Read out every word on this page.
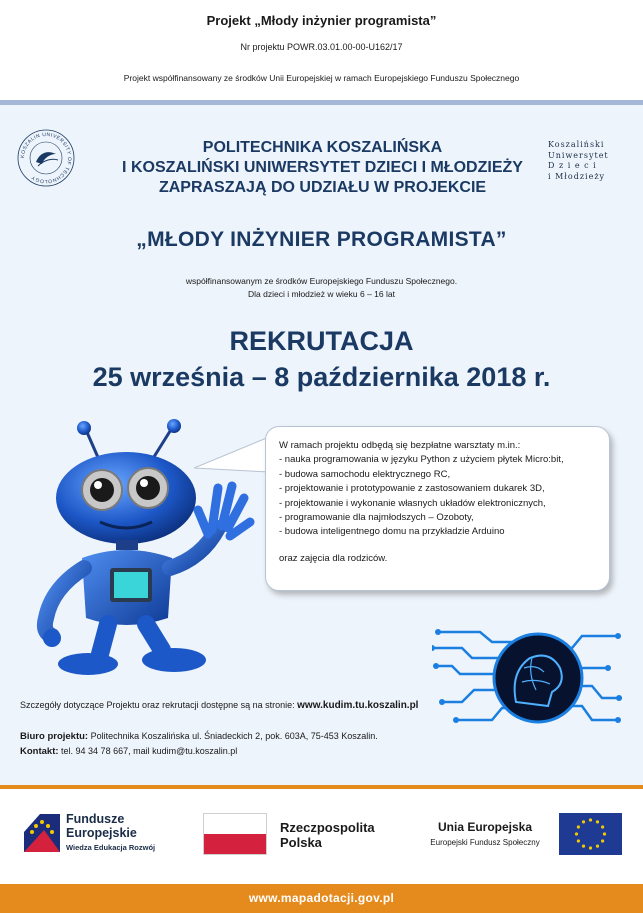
Projekt „Młody inżynier programista”
Nr projektu POWR.03.01.00-00-U162/17
Projekt współfinansowany ze środków Unii Europejskiej w ramach Europejskiego Funduszu Społecznego
KOSZALIN UNIVERSITY OF TECHNOLOGY
Koszaliński
Uniwersytet
D z i e c i
i Młodzieży
POLITECHNIKA KOSZALIŃSKA
I KOSZALIŃSKI UNIWERSYTET DZIECI I MŁODZIEŻY
ZAPRASZAJĄ DO UDZIAŁU W PROJEKCIE
„MŁODY INŻYNIER PROGRAMISTA”
współfinansowanym ze środków Europejskiego Funduszu Społecznego.
Dla dzieci i młodzież w wieku 6 – 16 lat
REKRUTACJA
25 września – 8 października 2018 r.
W ramach projektu odbędą się bezpłatne warsztaty m.in.:
- nauka programowania w języku Python z użyciem płytek Micro:bit,
- budowa samochodu elektrycznego RC,
- projektowanie i prototypowanie z zastosowaniem dukarek 3D,
- projektowanie i wykonanie własnych układów elektronicznych,
- programowanie dla najmłodszych – Ozoboty,
- budowa inteligentnego domu na przykładzie Arduino
oraz zajęcia dla rodziców.
Szczegóły dotyczące Projektu oraz rekrutacji dostępne są na stronie: www.kudim.tu.koszalin.pl
Biuro projektu: Politechnika Koszalińska ul. Śniadeckich 2, pok. 603A, 75-453 Koszalin.
Kontakt: tel. 94 34 78 667, mail kudim@tu.koszalin.pl
Fundusze
Europejskie
Wiedza Edukacja Rozwój
Rzeczpospolita
Polska
Unia Europejska
Europejski Fundusz Społeczny
www.mapadotacji.gov.pl
